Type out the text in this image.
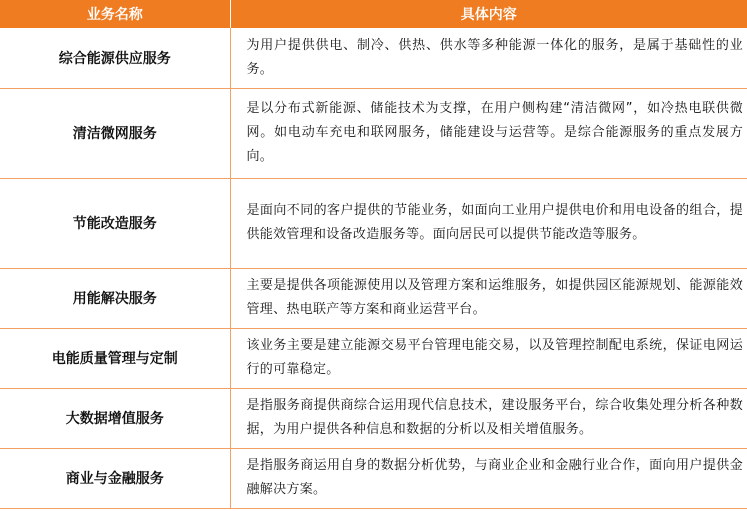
业务名称	具体内容
综合能源供应服务	为用户提供供电、制冷、供热、供水等多种能源一体化的服务，是属于基础性的业务。
清洁微网服务	是以分布式新能源、储能技术为支撑，在用户侧构建“清洁微网”，如冷热电联供微网。如电动车充电和联网服务，储能建设与运营等。是综合能源服务的重点发展方向。
节能改造服务	是面向不同的客户提供的节能业务，如面向工业用户提供电价和用电设备的组合，提供能效管理和设备改造服务等。面向居民可以提供节能改造等服务。
用能解决服务	主要是提供各项能源使用以及管理方案和运维服务，如提供园区能源规划、能源能效管理、热电联产等方案和商业运营平台。
电能质量管理与定制	该业务主要是建立能源交易平台管理电能交易，以及管理控制配电系统，保证电网运行的可靠稳定。
大数据增值服务	是指服务商提供商综合运用现代信息技术，建设服务平台，综合收集处理分析各种数据，为用户提供各种信息和数据的分析以及相关增值服务。
商业与金融服务	是指服务商运用自身的数据分析优势，与商业企业和金融行业合作，面向用户提供金融解决方案。
